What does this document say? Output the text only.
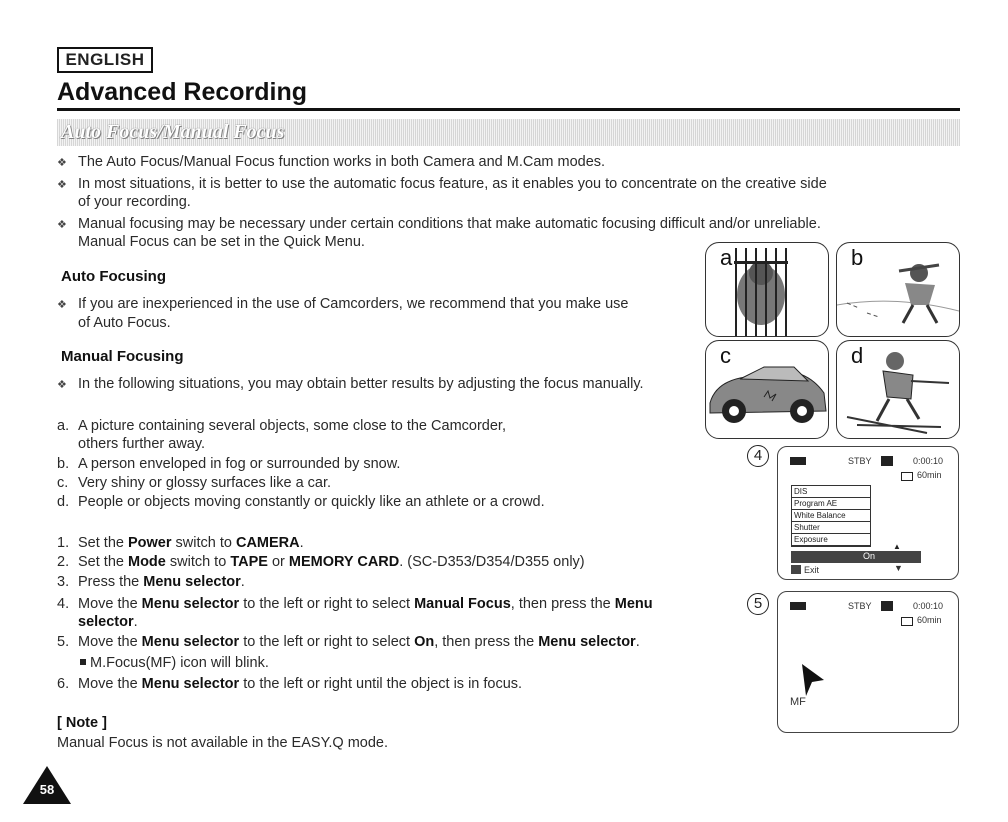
ENGLISH
Advanced Recording
Auto Focus/Manual Focus
❖ The Auto Focus/Manual Focus function works in both Camera and M.Cam modes.
❖ In most situations, it is better to use the automatic focus feature, as it enables you to concentrate on the creative side
of your recording.
❖ Manual focusing may be necessary under certain conditions that make automatic focusing difficult and/or unreliable.
Manual Focus can be set in the Quick Menu.
Auto Focusing
❖ If you are inexperienced in the use of Camcorders, we recommend that you make use
of Auto Focus.
Manual Focusing
❖ In the following situations, you may obtain better results by adjusting the focus manually.
a. A picture containing several objects, some close to the Camcorder,
others further away.
b. A person enveloped in fog or surrounded by snow.
c. Very shiny or glossy surfaces like a car.
d. People or objects moving constantly or quickly like an athlete or a crowd.
1. Set the Power switch to CAMERA.
2. Set the Mode switch to TAPE or MEMORY CARD. (SC-D353/D354/D355 only)
3. Press the Menu selector.
4. Move the Menu selector to the left or right to select Manual Focus, then press the Menu
selector.
5. Move the Menu selector to the left or right to select On, then press the Menu selector.
M.Focus(MF) icon will blink.
6. Move the Menu selector to the left or right until the object is in focus.
[ Note ]
Manual Focus is not available in the EASY.Q mode.
a	b
c	d
4	STBY	0:00:10
60min
DIS
Program AE
White Balance
Shutter
Exposure
On
▲
▼
Exit
5	STBY	0:00:10
60min
MF
58
